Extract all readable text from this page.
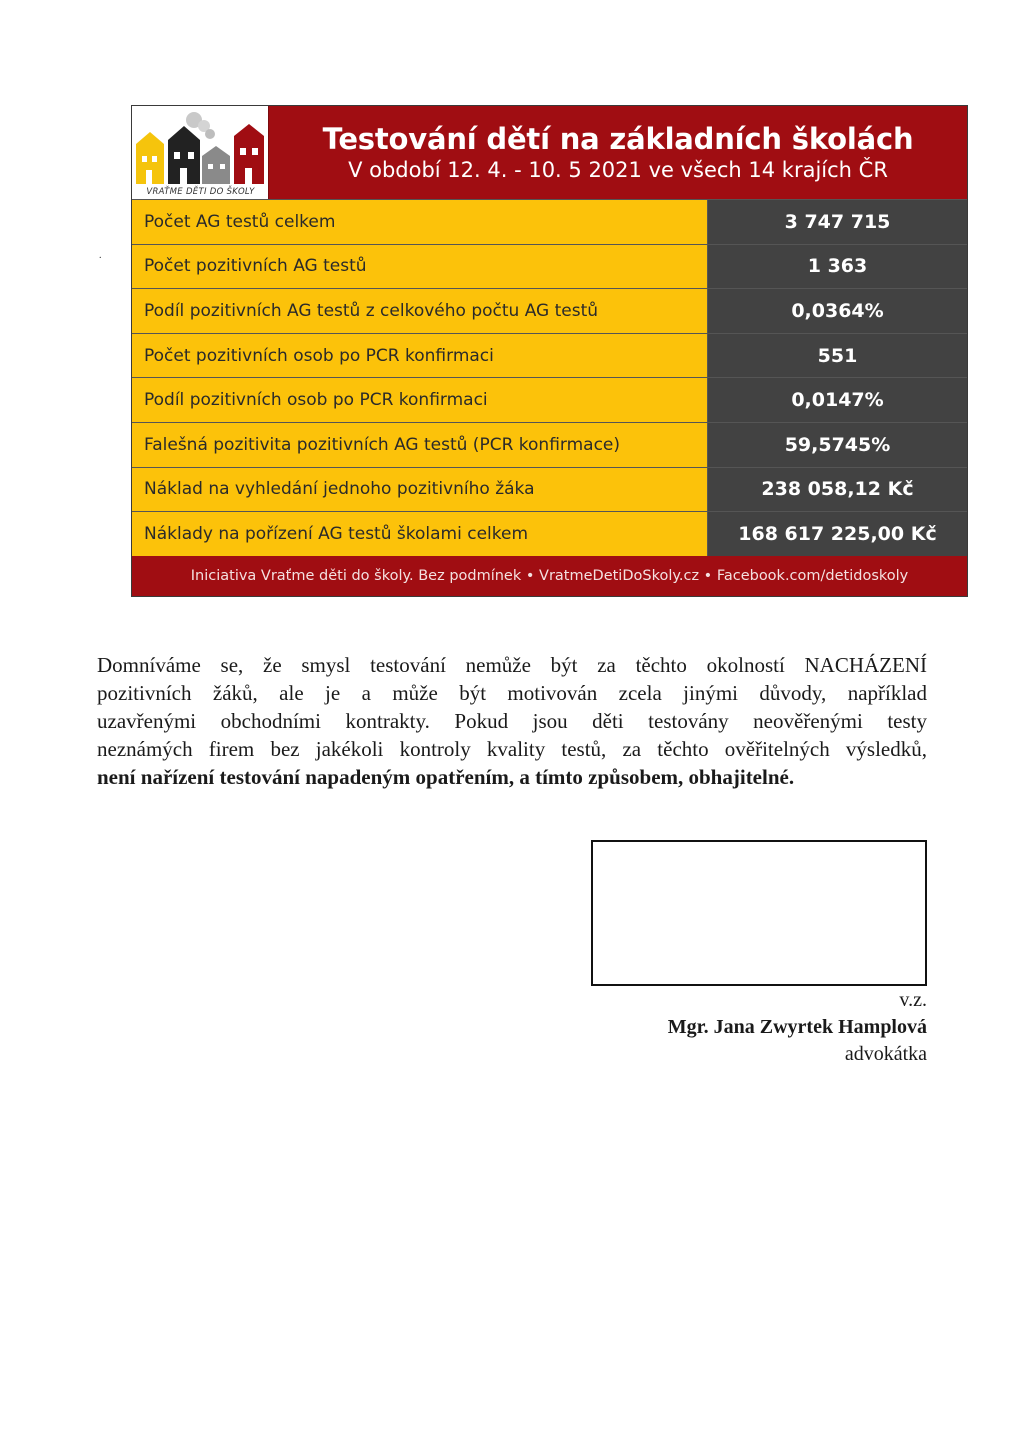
.
VRAŤME DĚTI DO ŠKOLY
Testování dětí na základních školách
V období 12. 4. - 10. 5 2021 ve všech 14 krajích ČR
Počet AG testů celkem	3 747 715
Počet pozitivních AG testů	1 363
Podíl pozitivních AG testů z celkového počtu AG testů	0,0364%
Počet pozitivních osob po PCR konfirmaci	551
Podíl pozitivních osob po PCR konfirmaci	0,0147%
Falešná pozitivita pozitivních AG testů (PCR konfirmace)	59,5745%
Náklad na vyhledání jednoho pozitivního žáka	238 058,12 Kč
Náklady na pořízení AG testů školami celkem	168 617 225,00 Kč
Iniciativa Vraťme děti do školy. Bez podmínek • VratmeDetiDoSkoly.cz • Facebook.com/detidoskoly
Domníváme se, že smysl testování nemůže být za těchto okolností NACHÁZENÍ
pozitivních žáků, ale je a může být motivován zcela jinými důvody, například
uzavřenými obchodními kontrakty. Pokud jsou děti testovány neověřenými testy
neznámých firem bez jakékoli kontroly kvality testů, za těchto ověřitelných výsledků,
není nařízení testování napadeným opatřením, a tímto způsobem, obhajitelné.
v.z.
Mgr. Jana Zwyrtek Hamplová
advokátka
